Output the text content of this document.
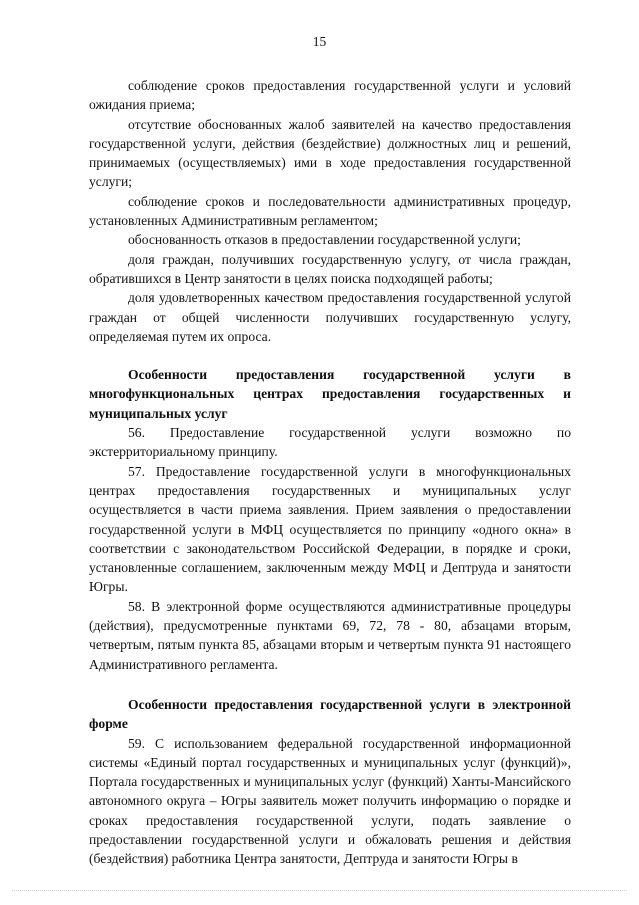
15

соблюдение сроков предоставления государственной услуги и условий ожидания приема;

отсутствие обоснованных жалоб заявителей на качество предоставления государственной услуги, действия (бездействие) должностных лиц и решений, принимаемых (осуществляемых) ими в ходе предоставления государственной услуги;

соблюдение сроков и последовательности административных процедур, установленных Административным регламентом;

обоснованность отказов в предоставлении государственной услуги;

доля граждан, получивших государственную услугу, от числа граждан, обратившихся в Центр занятости в целях поиска подходящей работы;

доля удовлетворенных качеством предоставления государственной услугой граждан от общей численности получивших государственную услугу, определяемая путем их опроса.

Особенности предоставления государственной услуги в многофункциональных центрах предоставления государственных и муниципальных услуг

56. Предоставление государственной услуги возможно по экстерриториальному принципу.

57. Предоставление государственной услуги в многофункциональных центрах предоставления государственных и муниципальных услуг осуществляется в части приема заявления. Прием заявления о предоставлении государственной услуги в МФЦ осуществляется по принципу «одного окна» в соответствии с законодательством Российской Федерации, в порядке и сроки, установленные соглашением, заключенным между МФЦ и Дептруда и занятости Югры.

58. В электронной форме осуществляются административные процедуры (действия), предусмотренные пунктами 69, 72, 78 - 80, абзацами вторым, четвертым, пятым пункта 85, абзацами вторым и четвертым пункта 91 настоящего Административного регламента.

Особенности предоставления государственной услуги в электронной форме

59. С использованием федеральной государственной информационной системы «Единый портал государственных и муниципальных услуг (функций)», Портала государственных и муниципальных услуг (функций) Ханты-Мансийского автономного округа – Югры заявитель может получить информацию о порядке и сроках предоставления государственной услуги, подать заявление о предоставлении государственной услуги и обжаловать решения и действия (бездействия) работника Центра занятости, Дептруда и занятости Югры в
